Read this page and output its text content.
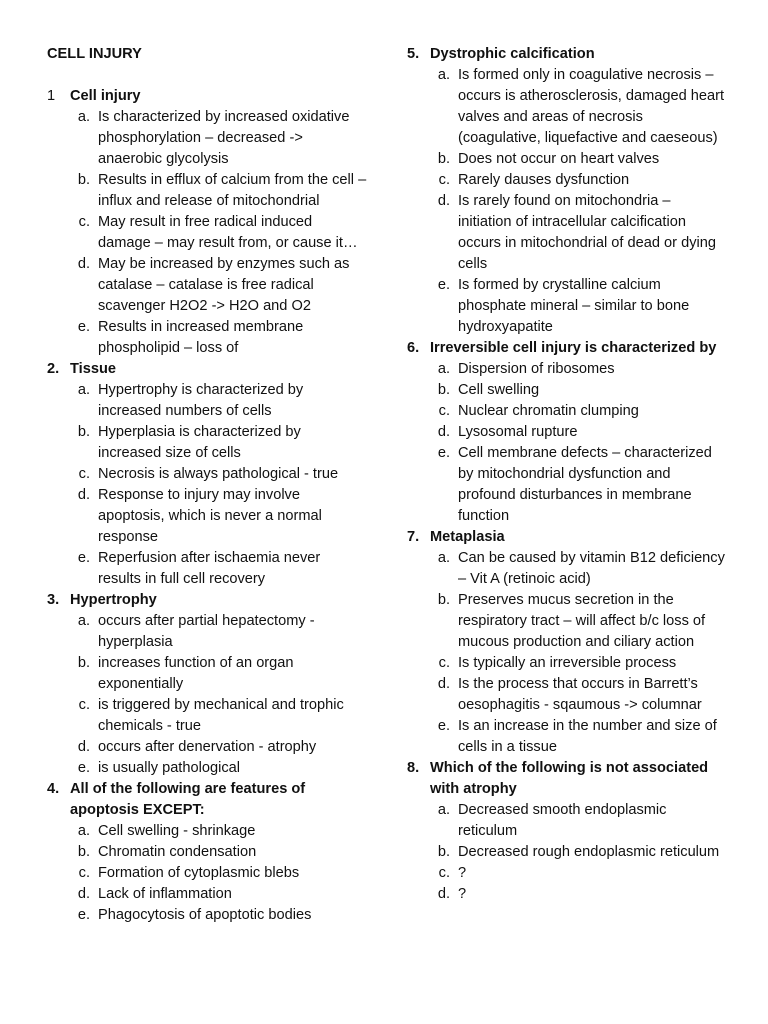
CELL INJURY
1	Cell injury
a. Is characterized by increased oxidative phosphorylation – decreased -> anaerobic glycolysis
b. Results in efflux of calcium from the cell – influx and release of mitochondrial
c. May result in free radical induced damage – may result from, or cause it…
d. May be increased by enzymes such as catalase – catalase is free radical scavenger H2O2 -> H2O and O2
e. Results in increased membrane phospholipid – loss of
2. Tissue
a. Hypertrophy is characterized by increased numbers of cells
b. Hyperplasia is characterized by increased size of cells
c. Necrosis is always pathological - true
d. Response to injury may involve apoptosis, which is never a normal response
e. Reperfusion after ischaemia never results in full cell recovery
3. Hypertrophy
a. occurs after partial hepatectomy - hyperplasia
b. increases function of an organ exponentially
c. is triggered by mechanical and trophic chemicals - true
d. occurs after denervation - atrophy
e. is usually pathological
4. All of the following are features of apoptosis EXCEPT:
a. Cell swelling - shrinkage
b. Chromatin condensation
c. Formation of cytoplasmic blebs
d. Lack of inflammation
e. Phagocytosis of apoptotic bodies
5. Dystrophic calcification
a. Is formed only in coagulative necrosis – occurs is atherosclerosis, damaged heart valves and areas of necrosis (coagulative, liquefactive and caeseous)
b. Does not occur on heart valves
c. Rarely dauses dysfunction
d. Is rarely found on mitochondria – initiation of intracellular calcification occurs in mitochondrial of dead or dying cells
e. Is formed by crystalline calcium phosphate mineral – similar to bone hydroxyapatite
6. Irreversible cell injury is characterized by
a. Dispersion of ribosomes
b. Cell swelling
c. Nuclear chromatin clumping
d. Lysosomal rupture
e. Cell membrane defects – characterized by mitochondrial dysfunction and profound disturbances in membrane function
7. Metaplasia
a. Can be caused by vitamin B12 deficiency – Vit A (retinoic acid)
b. Preserves mucus secretion in the respiratory tract – will affect b/c loss of mucous production and ciliary action
c. Is typically an irreversible process
d. Is the process that occurs in Barrett’s oesophagitis - sqaumous -> columnar
e. Is an increase in the number and size of cells in a tissue
8. Which of the following is not associated with atrophy
a. Decreased smooth endoplasmic reticulum
b. Decreased rough endoplasmic reticulum
c. ?
d. ?
